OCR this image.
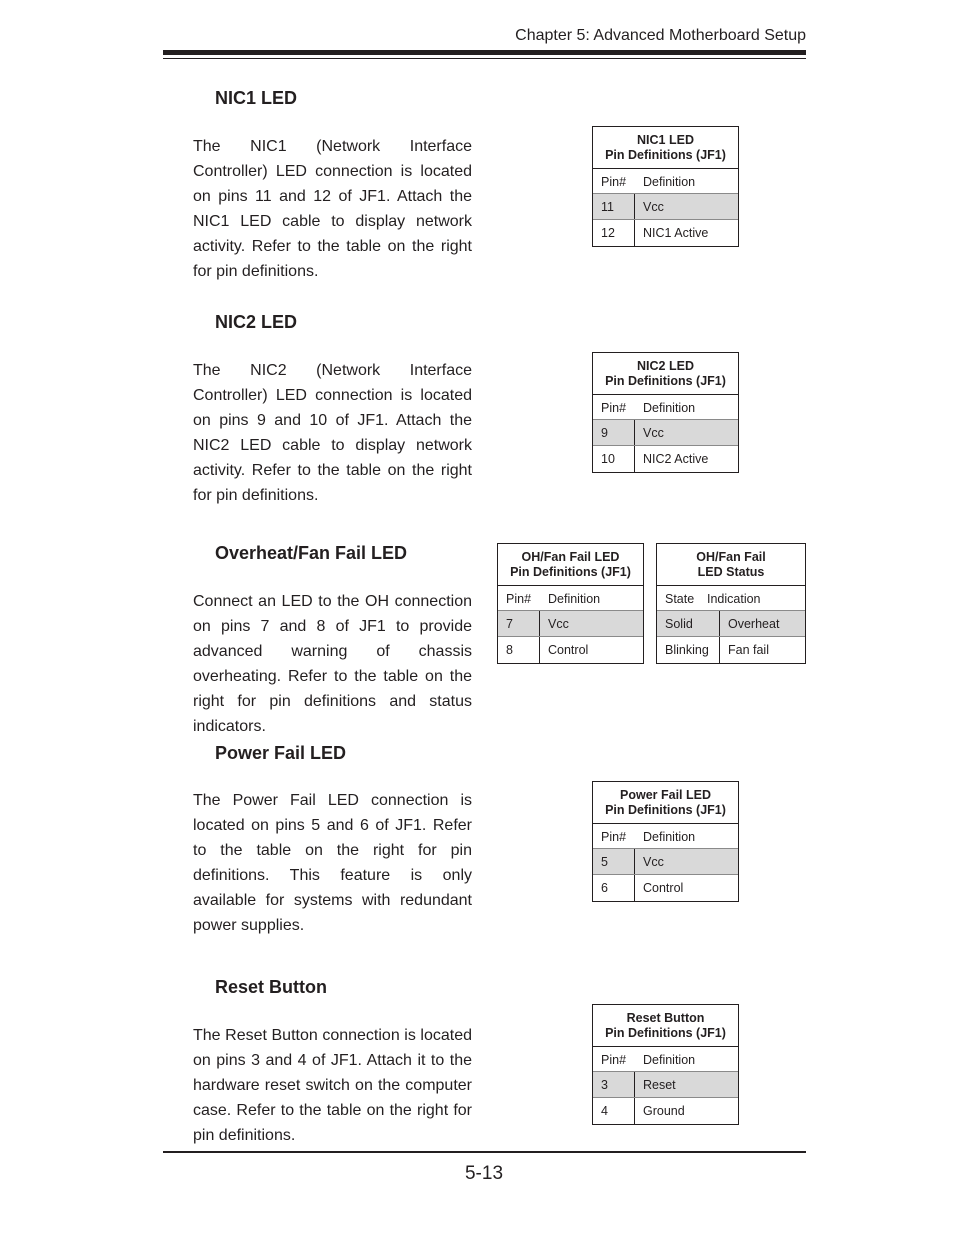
Chapter 5: Advanced Motherboard Setup
NIC1 LED
The NIC1 (Network Interface Controller) LED connection is located on pins 11 and 12 of JF1. Attach the NIC1 LED cable to display network activity. Refer to the table on the right for pin definitions.
NIC1 LED
Pin Definitions (JF1)
Pin# Definition
11 Vcc
12 NIC1 Active
NIC2 LED
The NIC2 (Network Interface Controller) LED connection is located on pins 9 and 10 of JF1. Attach the NIC2 LED cable to display network activity. Refer to the table on the right for pin definitions.
NIC2 LED
Pin Definitions (JF1)
Pin# Definition
9	Vcc
10 NIC2 Active
Overheat/Fan Fail LED
Connect an LED to the OH connection on pins 7 and 8 of JF1 to provide advanced warning of chassis overheating. Refer to the table on the right for pin definitions and status indicators.
OH/Fan Fail LED
Pin Definitions (JF1)
Pin# Definition
7	Vcc
8	Control
OH/Fan Fail
LED Status
State Indication
Solid	Overheat
Blinking Fan fail
Power Fail LED
The Power Fail LED connection is located on pins 5 and 6 of JF1. Refer to the table on the right for pin definitions. This feature is only available for systems with redundant power supplies.
Power Fail LED
Pin Definitions (JF1)
Pin# Definition
5	Vcc
6	Control
Reset Button
The Reset Button connection is located on pins 3 and 4 of JF1. Attach it to the hardware reset switch on the computer case. Refer to the table on the right for pin definitions.
Reset Button
Pin Definitions (JF1)
Pin# Definition
3	Reset
4	Ground
5-13
